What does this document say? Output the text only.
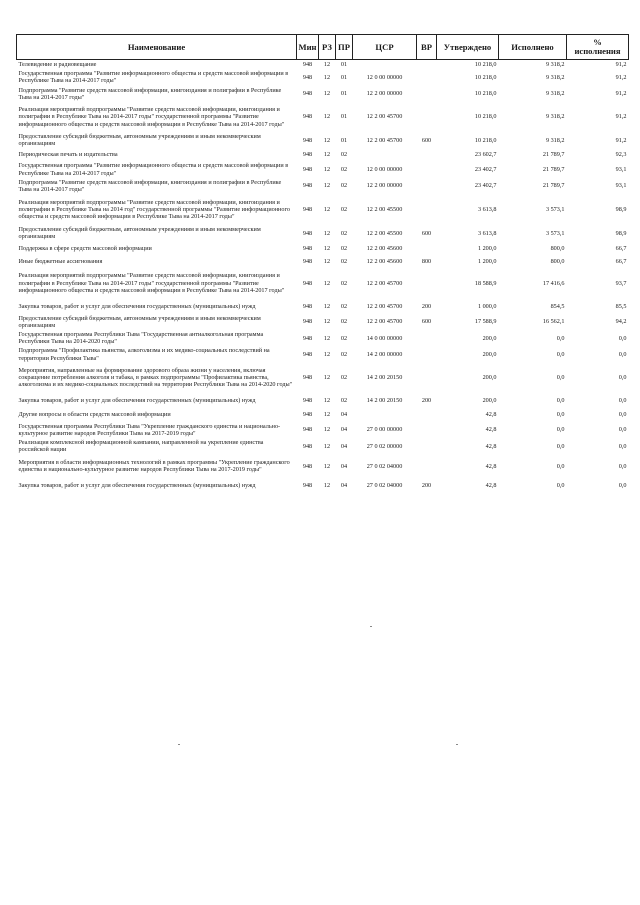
Наименование	Мин	РЗ	ПР	ЦСР	ВР	Утверждено	Исполнено	%
исполнения
Телевидение и радиовещание	948	12	01			10 218,0	9 318,2	91,2
Государственная программа "Развитие информационного общества и средств массовой информации в Республике Тыва на 2014-2017 годы"	948	12	01	12 0 00 00000		10 218,0	9 318,2	91,2
Подпрограмма "Развитие средств массовой информации, книгоиздания и полиграфии в Республике Тыва на 2014-2017 годы"	948	12	01	12 2 00 00000		10 218,0	9 318,2	91,2
Реализация мероприятий подпрограммы "Развитие средств массовой информации, книгоиздания и полиграфии в Республике Тыва на 2014-2017 годы" государственной программы "Развитие информационного общества и средств массовой информации в Республике Тыва на 2014-2017 годы"	948	12	01	12 2 00 45700		10 218,0	9 318,2	91,2
Предоставление субсидий бюджетным, автономным учреждениям и иным некоммерческим организациям	948	12	01	12 2 00 45700	600	10 218,0	9 318,2	91,2
Периодическая печать и издательства	948	12	02			23 602,7	21 789,7	92,3
Государственная программа "Развитие информационного общества и средств массовой информации в Республике Тыва на 2014-2017 годы"	948	12	02	12 0 00 00000		23 402,7	21 789,7	93,1
Подпрограмма "Развитие средств массовой информации, книгоиздания и полиграфии в Республике Тыва на 2014-2017 годы"	948	12	02	12 2 00 00000		23 402,7	21 789,7	93,1
Реализация мероприятий подпрограммы "Развитие средств массовой информации, книгоиздания и полиграфии в Республике Тыва на 2014 год" государственной программы "Развитие информационного общества и средств массовой информации в Республике Тыва на 2014-2017 годы"	948	12	02	12 2 00 45500		3 613,8	3 573,1	98,9
Предоставление субсидий бюджетным, автономным учреждениям и иным некоммерческим организациям	948	12	02	12 2 00 45500	600	3 613,8	3 573,1	98,9
Поддержка в сфере средств массовой информации	948	12	02	12 2 00 45600		1 200,0	800,0	66,7
Иные бюджетные ассигнования	948	12	02	12 2 00 45600	800	1 200,0	800,0	66,7
Реализация мероприятий подпрограммы "Развитие средств массовой информации, книгоиздания и полиграфии в Республике Тыва на 2014-2017 годы" государственной программы "Развитие информационного общества и средств массовой информации в Республике Тыва на 2014-2017 годы"	948	12	02	12 2 00 45700		18 588,9	17 416,6	93,7
Закупка товаров, работ и услуг для обеспечения государственных (муниципальных) нужд	948	12	02	12 2 00 45700	200	1 000,0	854,5	85,5
Предоставление субсидий бюджетным, автономным учреждениям и иным некоммерческим организациям	948	12	02	12 2 00 45700	600	17 588,9	16 562,1	94,2
Государственная программа Республики Тыва "Государственная антиалкогольная программа Республики Тыва на 2014-2020 годы"	948	12	02	14 0 00 00000		200,0	0,0	0,0
Подпрограмма "Профилактика пьянства, алкоголизма и их медико-социальных последствий на территории Республики Тыва"	948	12	02	14 2 00 00000		200,0	0,0	0,0
Мероприятия, направленные на формирование здорового образа жизни у населения, включая сокращение потребления алкоголя и табака, в рамках подпрограммы "Профилактика пьянства, алкоголизма и их медико-социальных последствий на территории Республики Тыва на 2014-2020 годы"	948	12	02	14 2 00 20150		200,0	0,0	0,0
Закупка товаров, работ и услуг для обеспечения государственных (муниципальных) нужд	948	12	02	14 2 00 20150	200	200,0	0,0	0,0
Другие вопросы в области средств массовой информации	948	12	04			42,8	0,0	0,0
Государственная программа Республики Тыва "Укрепление гражданского единства и национально-культурное развитие народов Республики Тыва на 2017-2019 годы"	948	12	04	27 0 00 00000		42,8	0,0	0,0
Реализация комплексной информационной кампании, направленной на укрепление единства российской нации	948	12	04	27 0 02 00000		42,8	0,0	0,0
Мероприятия в области информационных технологий в рамках программы "Укрепление гражданского единства и национально-культурное развитие народов Республики Тыва на 2017-2019 годы"	948	12	04	27 0 02 04000		42,8	0,0	0,0
Закупка товаров, работ и услуг для обеспечения государственных (муниципальных) нужд	948	12	04	27 0 02 04000	200	42,8	0,0	0,0
